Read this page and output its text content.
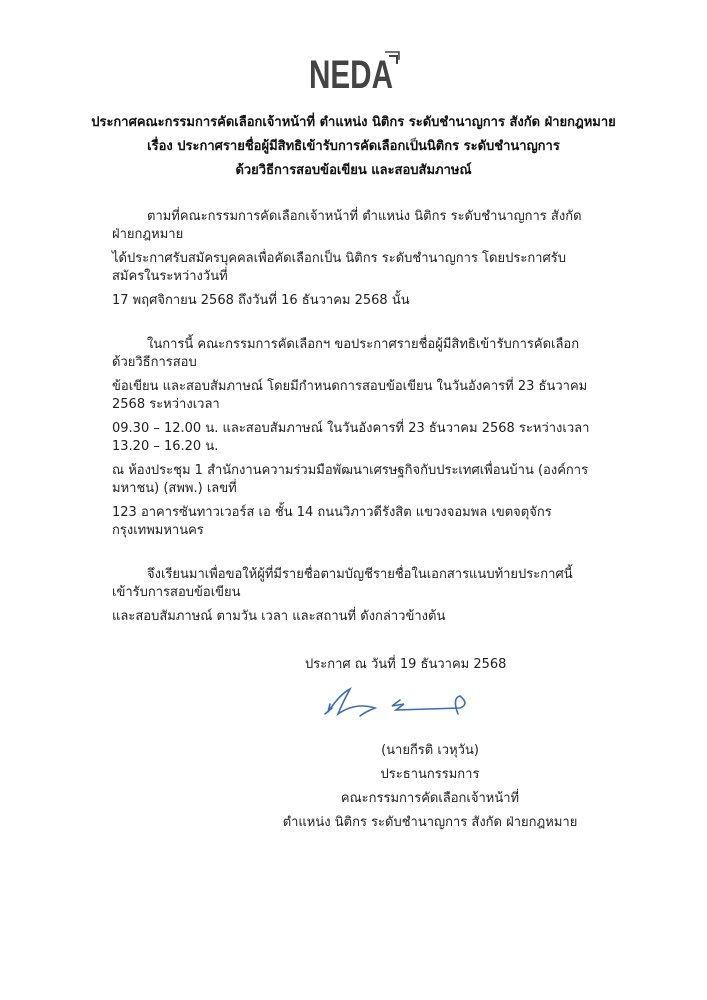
NEDA
ประกาศคณะกรรมการคัดเลือกเจ้าหน้าที่ ตำแหน่ง นิติกร ระดับชำนาญการ สังกัด ฝ่ายกฎหมาย
เรื่อง ประกาศรายชื่อผู้มีสิทธิเข้ารับการคัดเลือกเป็นนิติกร ระดับชำนาญการ
ด้วยวิธีการสอบข้อเขียน และสอบสัมภาษณ์
ตามที่คณะกรรมการคัดเลือกเจ้าหน้าที่ ตำแหน่ง นิติกร ระดับชำนาญการ สังกัด ฝ่ายกฎหมาย
ได้ประกาศรับสมัครบุคคลเพื่อคัดเลือกเป็น นิติกร ระดับชำนาญการ โดยประกาศรับสมัครในระหว่างวันที่
17 พฤศจิกายน 2568 ถึงวันที่ 16 ธันวาคม 2568 นั้น
ในการนี้ คณะกรรมการคัดเลือกฯ ขอประกาศรายชื่อผู้มีสิทธิเข้ารับการคัดเลือก ด้วยวิธีการสอบ
ข้อเขียน และสอบสัมภาษณ์ โดยมีกำหนดการสอบข้อเขียน ในวันอังคารที่ 23 ธันวาคม 2568 ระหว่างเวลา
09.30 – 12.00 น. และสอบสัมภาษณ์ ในวันอังคารที่ 23 ธันวาคม 2568 ระหว่างเวลา 13.20 – 16.20 น.
ณ ห้องประชุม 1 สำนักงานความร่วมมือพัฒนาเศรษฐกิจกับประเทศเพื่อนบ้าน (องค์การมหาชน) (สพพ.) เลขที่
123 อาคารซันทาวเวอร์ส เอ ชั้น 14 ถนนวิภาวดีรังสิต แขวงจอมพล เขตจตุจักร กรุงเทพมหานคร
จึงเรียนมาเพื่อขอให้ผู้ที่มีรายชื่อตามบัญชีรายชื่อในเอกสารแนบท้ายประกาศนี้ เข้ารับการสอบข้อเขียน
และสอบสัมภาษณ์ ตามวัน เวลา และสถานที่ ดังกล่าวข้างต้น
ประกาศ ณ วันที่ 19 ธันวาคม 2568
(นายกีรติ เวหุวัน)
ประธานกรรมการ
คณะกรรมการคัดเลือกเจ้าหน้าที่
ตำแหน่ง นิติกร ระดับชำนาญการ สังกัด ฝ่ายกฎหมาย
